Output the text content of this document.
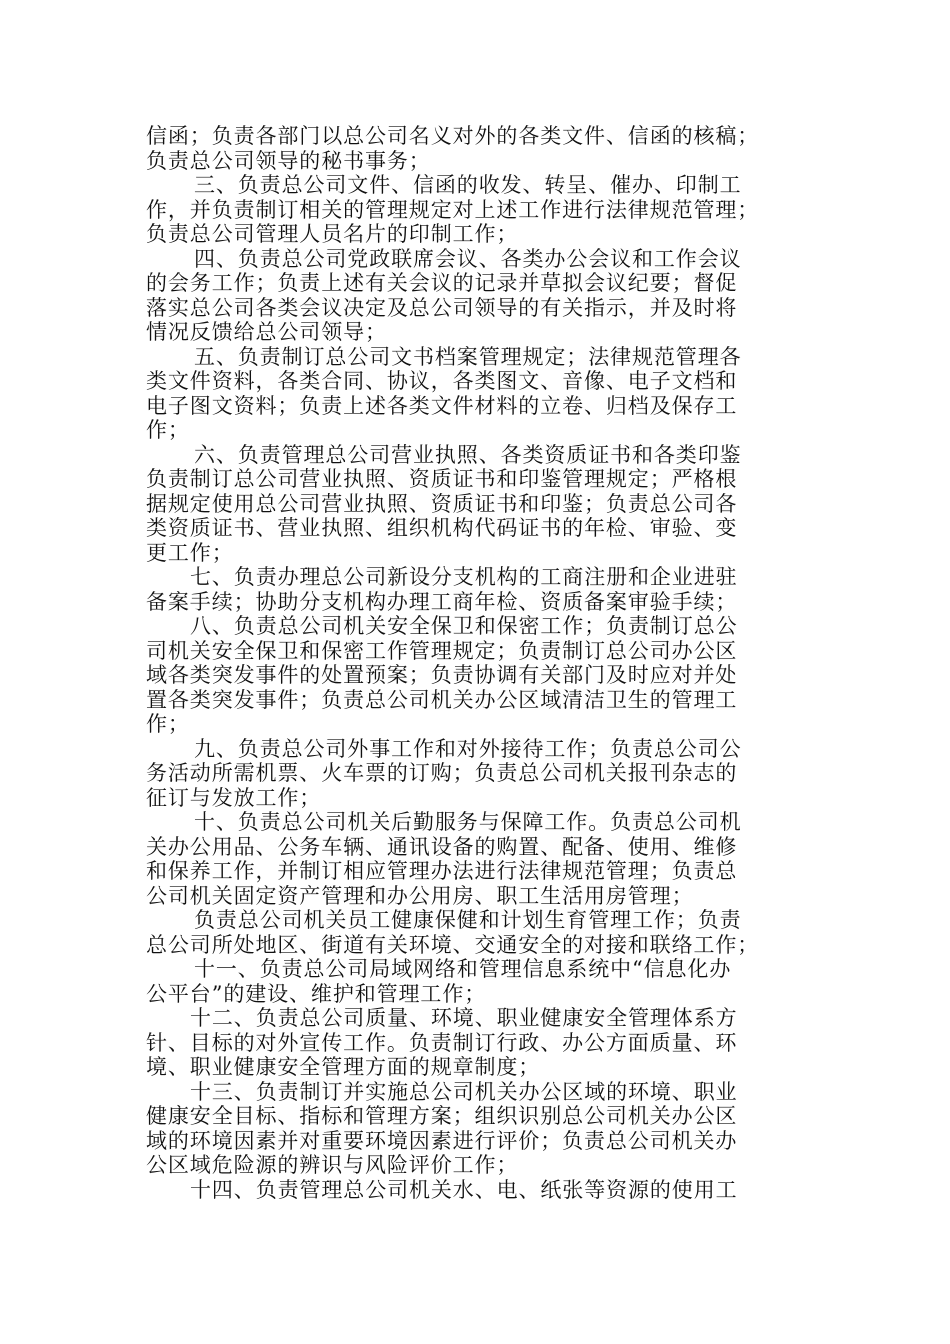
信函；负责各部门以总公司名义对外的各类文件、信函的核稿；
负责总公司领导的秘书事务；
三、负责总公司文件、信函的收发、转呈、催办、印制工
作，并负责制订相关的管理规定对上述工作进行法律规范管理；
负责总公司管理人员名片的印制工作；
四、负责总公司党政联席会议、各类办公会议和工作会议
的会务工作；负责上述有关会议的记录并草拟会议纪要；督促
落实总公司各类会议决定及总公司领导的有关指示，并及时将
情况反馈给总公司领导；
五、负责制订总公司文书档案管理规定；法律规范管理各
类文件资料，各类合同、协议，各类图文、音像、电子文档和
电子图文资料；负责上述各类文件材料的立卷、归档及保存工
作；
六、负责管理总公司营业执照、各类资质证书和各类印鉴
负责制订总公司营业执照、资质证书和印鉴管理规定；严格根
据规定使用总公司营业执照、资质证书和印鉴；负责总公司各
类资质证书、营业执照、组织机构代码证书的年检、审验、变
更工作；
七、负责办理总公司新设分支机构的工商注册和企业进驻
备案手续；协助分支机构办理工商年检、资质备案审验手续；
八、负责总公司机关安全保卫和保密工作；负责制订总公
司机关安全保卫和保密工作管理规定；负责制订总公司办公区
域各类突发事件的处置预案；负责协调有关部门及时应对并处
置各类突发事件；负责总公司机关办公区域清洁卫生的管理工
作；
九、负责总公司外事工作和对外接待工作；负责总公司公
务活动所需机票、火车票的订购；负责总公司机关报刊杂志的
征订与发放工作；
十、负责总公司机关后勤服务与保障工作。负责总公司机
关办公用品、公务车辆、通讯设备的购置、配备、使用、维修
和保养工作，并制订相应管理办法进行法律规范管理；负责总
公司机关固定资产管理和办公用房、职工生活用房管理；
负责总公司机关员工健康保健和计划生育管理工作；负责
总公司所处地区、街道有关环境、交通安全的对接和联络工作；
十一、负责总公司局域网络和管理信息系统中“信息化办
公平台”的建设、维护和管理工作；
十二、负责总公司质量、环境、职业健康安全管理体系方
针、目标的对外宣传工作。负责制订行政、办公方面质量、环
境、职业健康安全管理方面的规章制度；
十三、负责制订并实施总公司机关办公区域的环境、职业
健康安全目标、指标和管理方案；组织识别总公司机关办公区
域的环境因素并对重要环境因素进行评价；负责总公司机关办
公区域危险源的辨识与风险评价工作；
十四、负责管理总公司机关水、电、纸张等资源的使用工
